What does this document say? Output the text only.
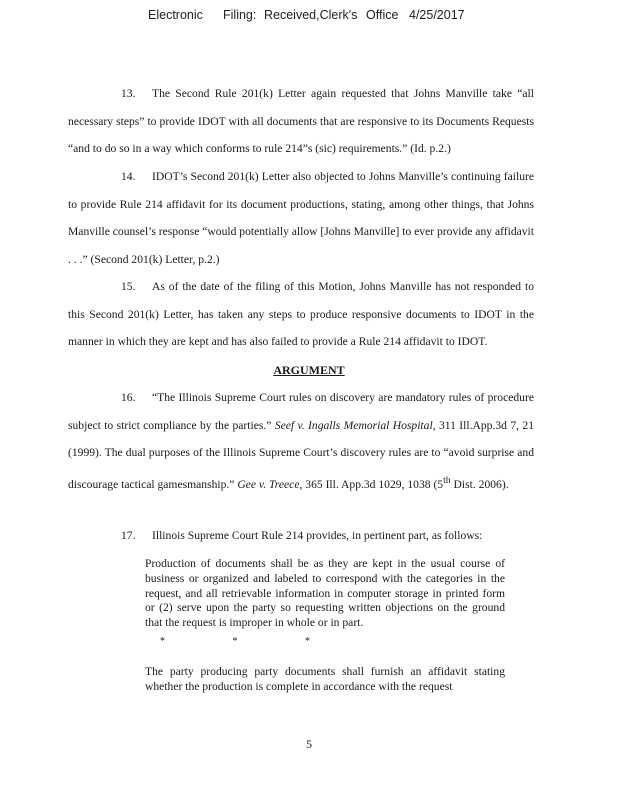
Electronic Filing: Received,Clerk's Office 4/25/2017

13. The Second Rule 201(k) Letter again requested that Johns Manville take “all necessary steps” to provide IDOT with all documents that are responsive to its Documents Requests “and to do so in a way which conforms to rule 214”s (sic) requirements.” (Id. p.2.)

14. IDOT’s Second 201(k) Letter also objected to Johns Manville’s continuing failure to provide Rule 214 affidavit for its document productions, stating, among other things, that Johns Manville counsel’s response “would potentially allow [Johns Manville] to ever provide any affidavit . . .” (Second 201(k) Letter, p.2.)

15. As of the date of the filing of this Motion, Johns Manville has not responded to this Second 201(k) Letter, has taken any steps to produce responsive documents to IDOT in the manner in which they are kept and has also failed to provide a Rule 214 affidavit to IDOT.

ARGUMENT

16. “The Illinois Supreme Court rules on discovery are mandatory rules of procedure subject to strict compliance by the parties.” Seef v. Ingalls Memorial Hospital, 311 Ill.App.3d 7, 21 (1999). The dual purposes of the Illinois Supreme Court’s discovery rules are to “avoid surprise and discourage tactical gamesmanship.” Gee v. Treece, 365 Ill. App.3d 1029, 1038 (5th Dist. 2006).

17. Illinois Supreme Court Rule 214 provides, in pertinent part, as follows:

Production of documents shall be as they are kept in the usual course of business or organized and labeled to correspond with the categories in the request, and all retrievable information in computer storage in printed form or (2) serve upon the party so requesting written objections on the ground that the request is improper in whole or in part.

*	*	*

The party producing party documents shall furnish an affidavit stating whether the production is complete in accordance with the request

5
